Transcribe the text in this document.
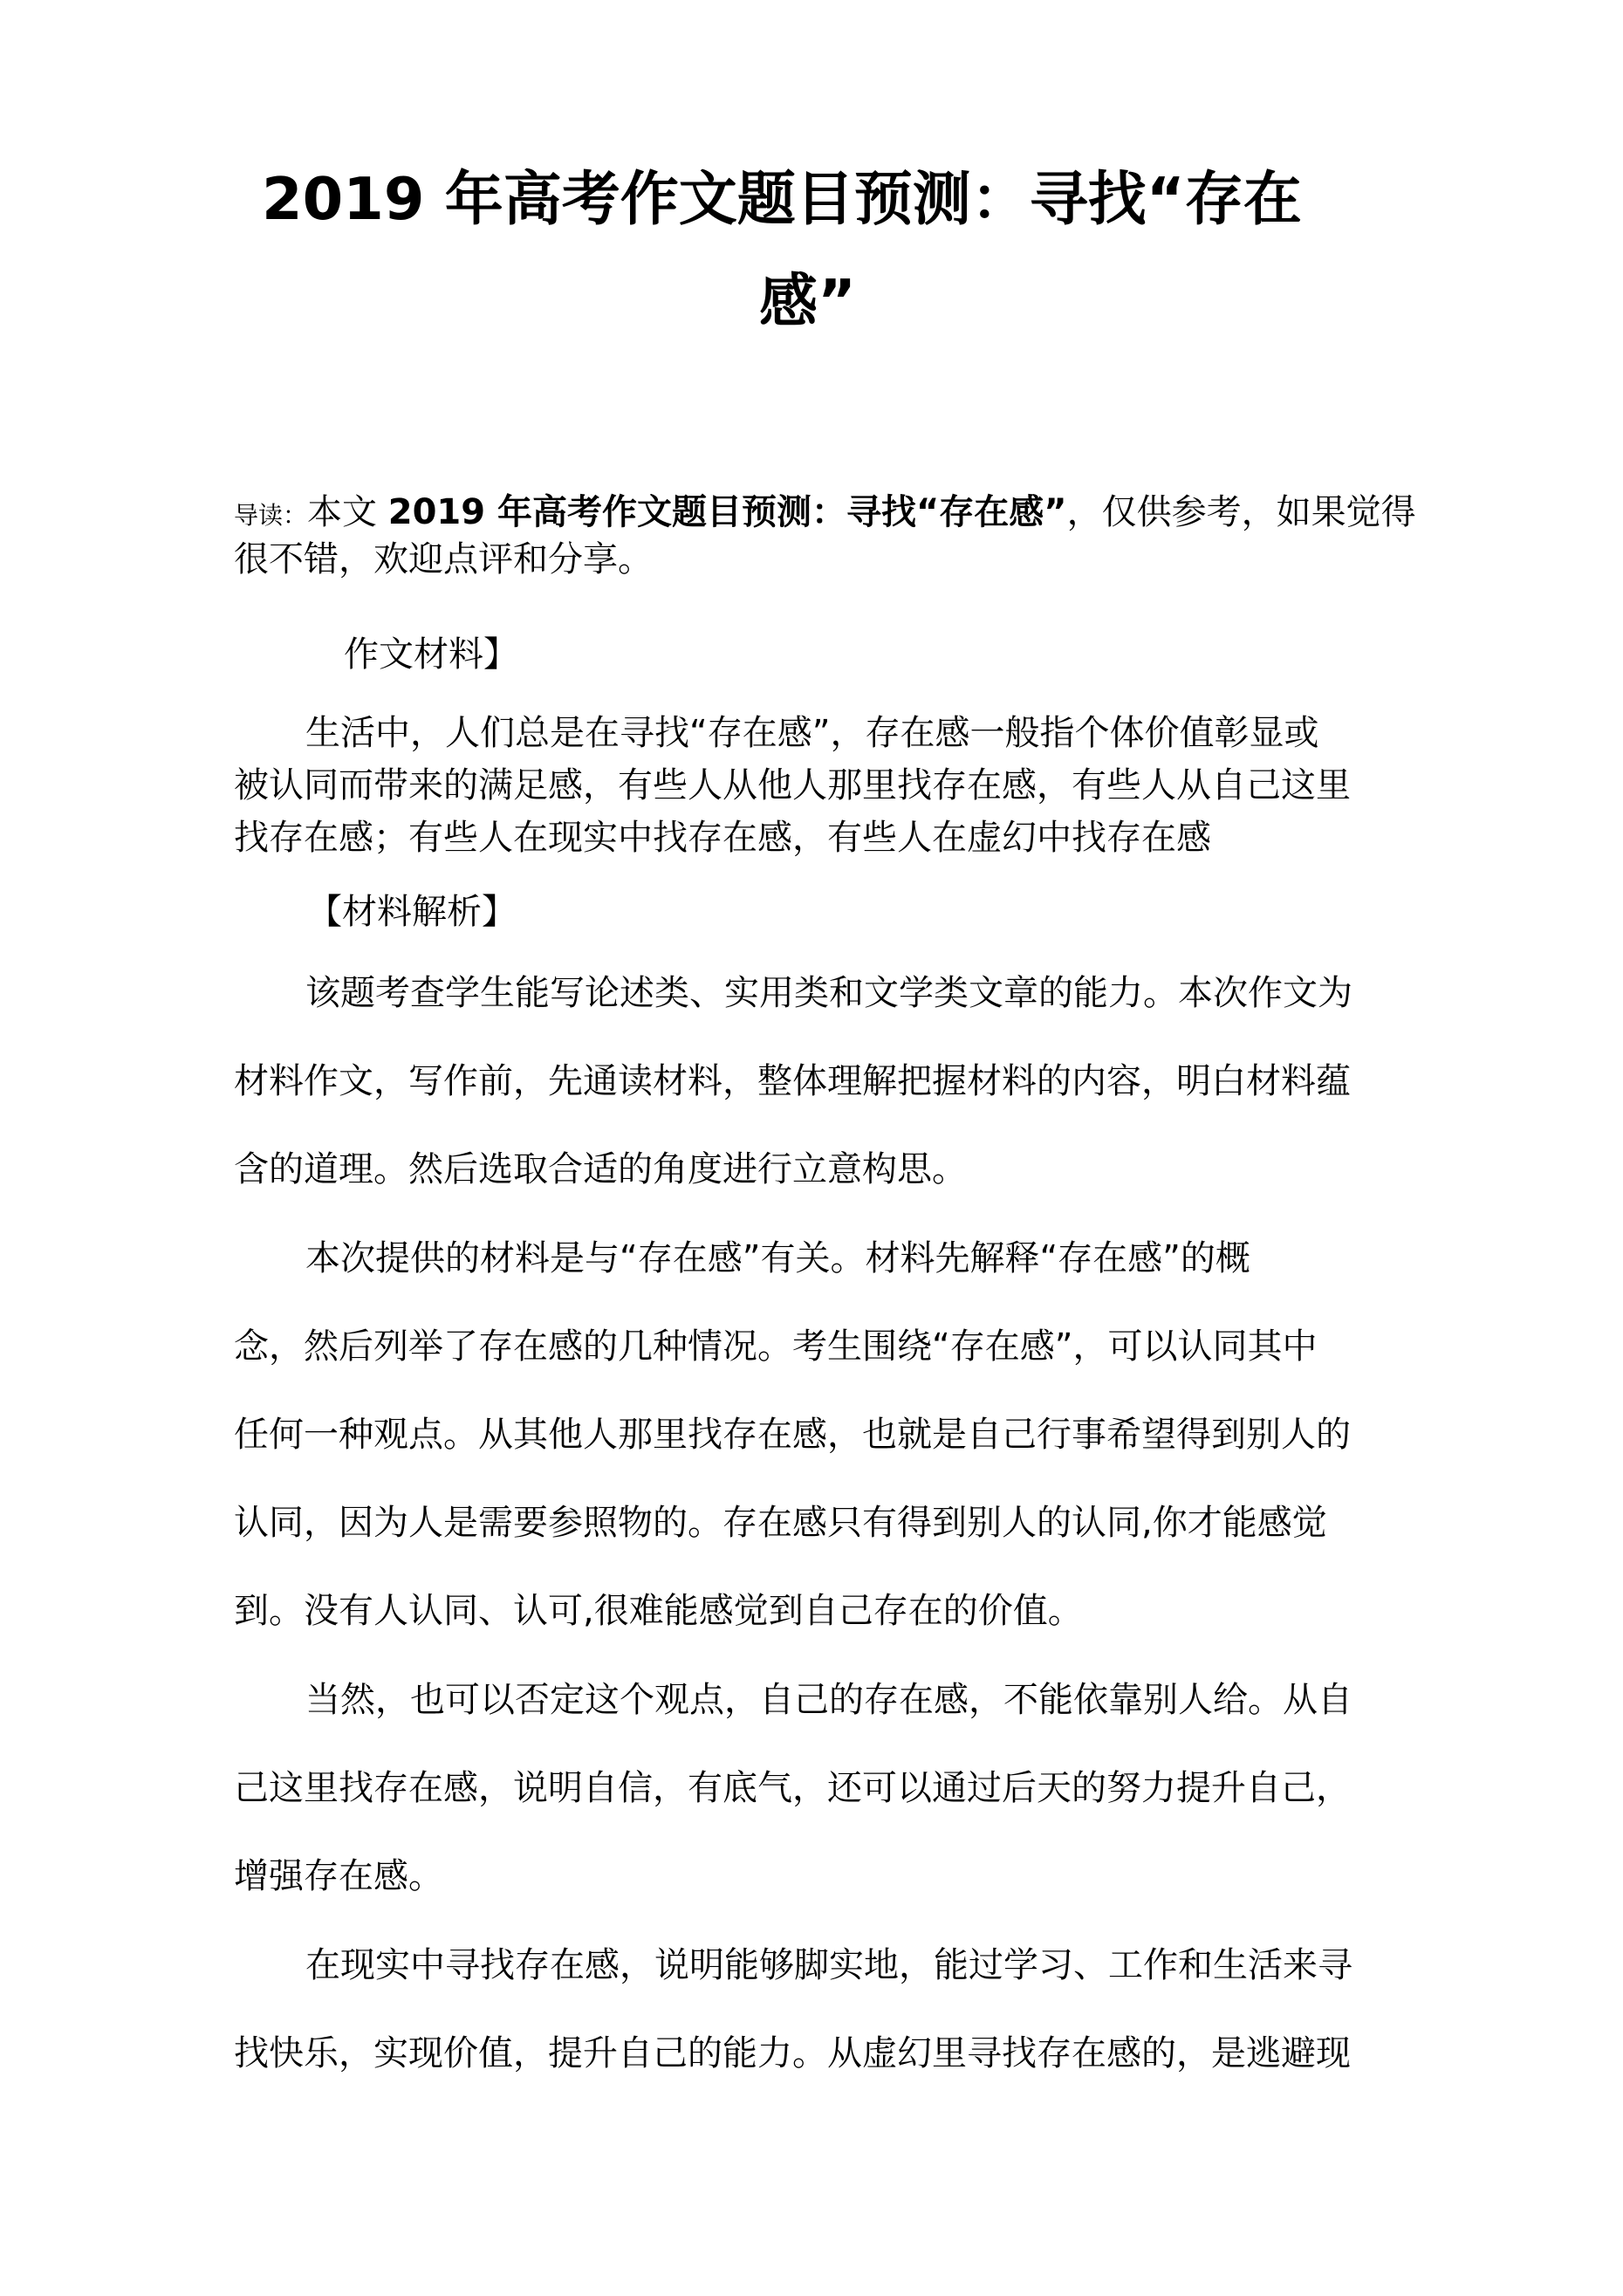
2019 年高考作文题目预测：寻找“存在
感”

导读：本文 2019 年高考作文题目预测：寻找“存在感”，仅供参考，如果觉得很不错，欢迎点评和分享。

作文材料】
生活中，人们总是在寻找“存在感”，存在感一般指个体价值彰显或
被认同而带来的满足感，有些人从他人那里找存在感，有些人从自己这里
找存在感；有些人在现实中找存在感，有些人在虚幻中找存在感
【材料解析】
该题考查学生能写论述类、实用类和文学类文章的能力。本次作文为
材料作文，写作前，先通读材料，整体理解把握材料的内容，明白材料蕴
含的道理。然后选取合适的角度进行立意构思。
本次提供的材料是与“存在感”有关。材料先解释“存在感”的概
念，然后列举了存在感的几种情况。考生围绕“存在感”，可以认同其中
任何一种观点。从其他人那里找存在感，也就是自己行事希望得到别人的
认同，因为人是需要参照物的。存在感只有得到别人的认同,你才能感觉
到。没有人认同、认可,很难能感觉到自己存在的价值。
当然，也可以否定这个观点，自己的存在感，不能依靠别人给。从自
己这里找存在感，说明自信，有底气，还可以通过后天的努力提升自己，
增强存在感。
在现实中寻找存在感，说明能够脚实地，能过学习、工作和生活来寻
找快乐，实现价值，提升自己的能力。从虚幻里寻找存在感的，是逃避现
